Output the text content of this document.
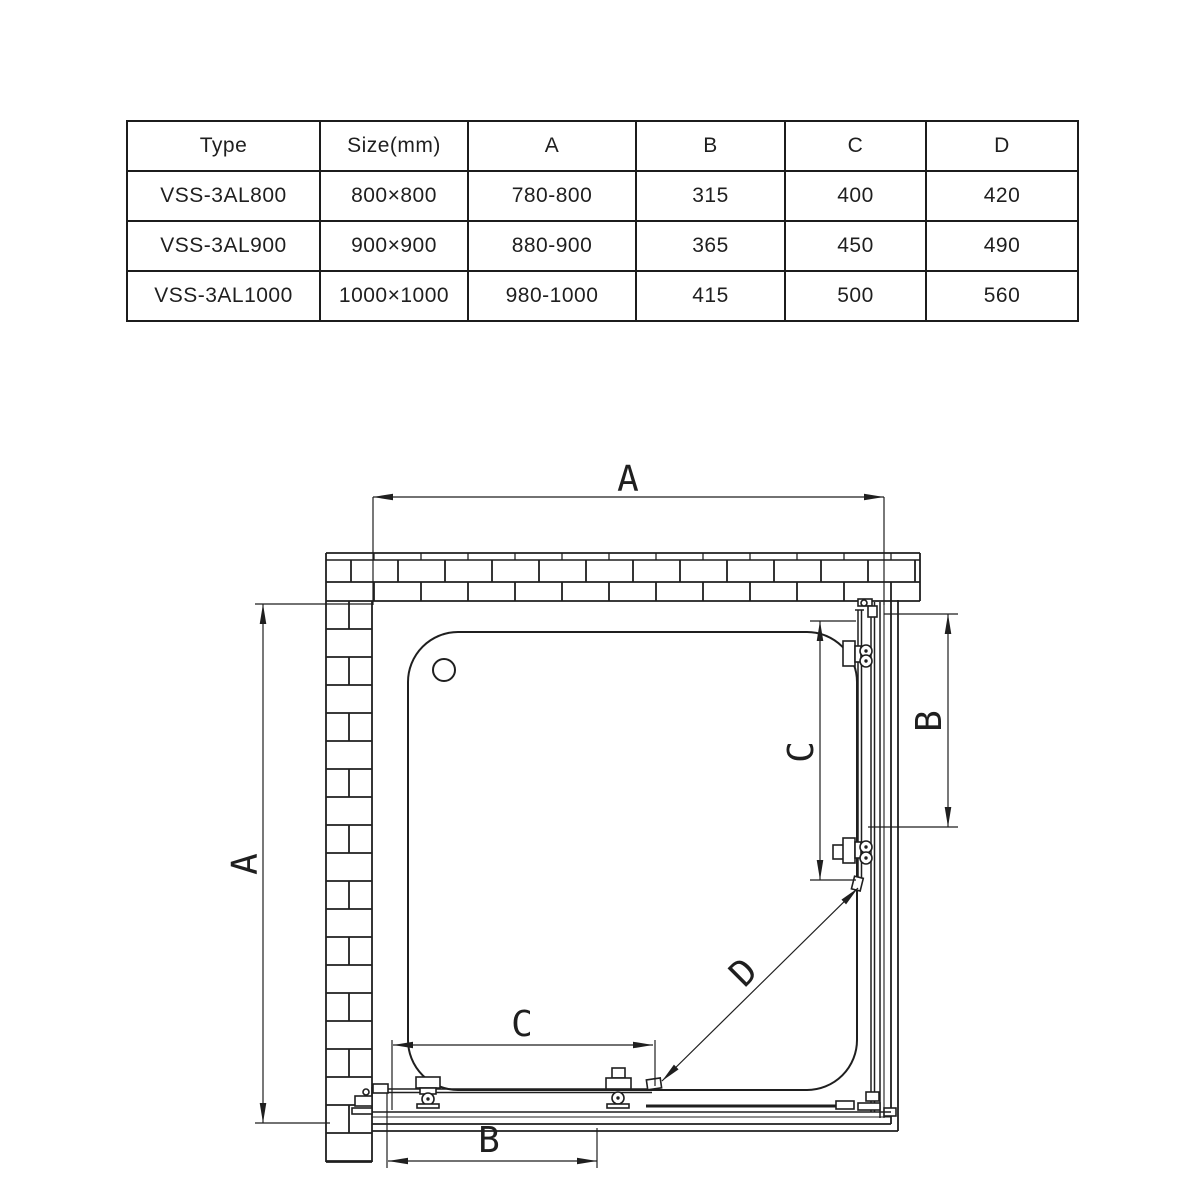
Type	Size(mm)	A	B	C	D
VSS-3AL800	800×800	780-800	315	400	420
VSS-3AL900	900×900	880-900	365	450	490
VSS-3AL1000	1000×1000	980-1000	415	500	560
A
A
B
C
C
B
D
